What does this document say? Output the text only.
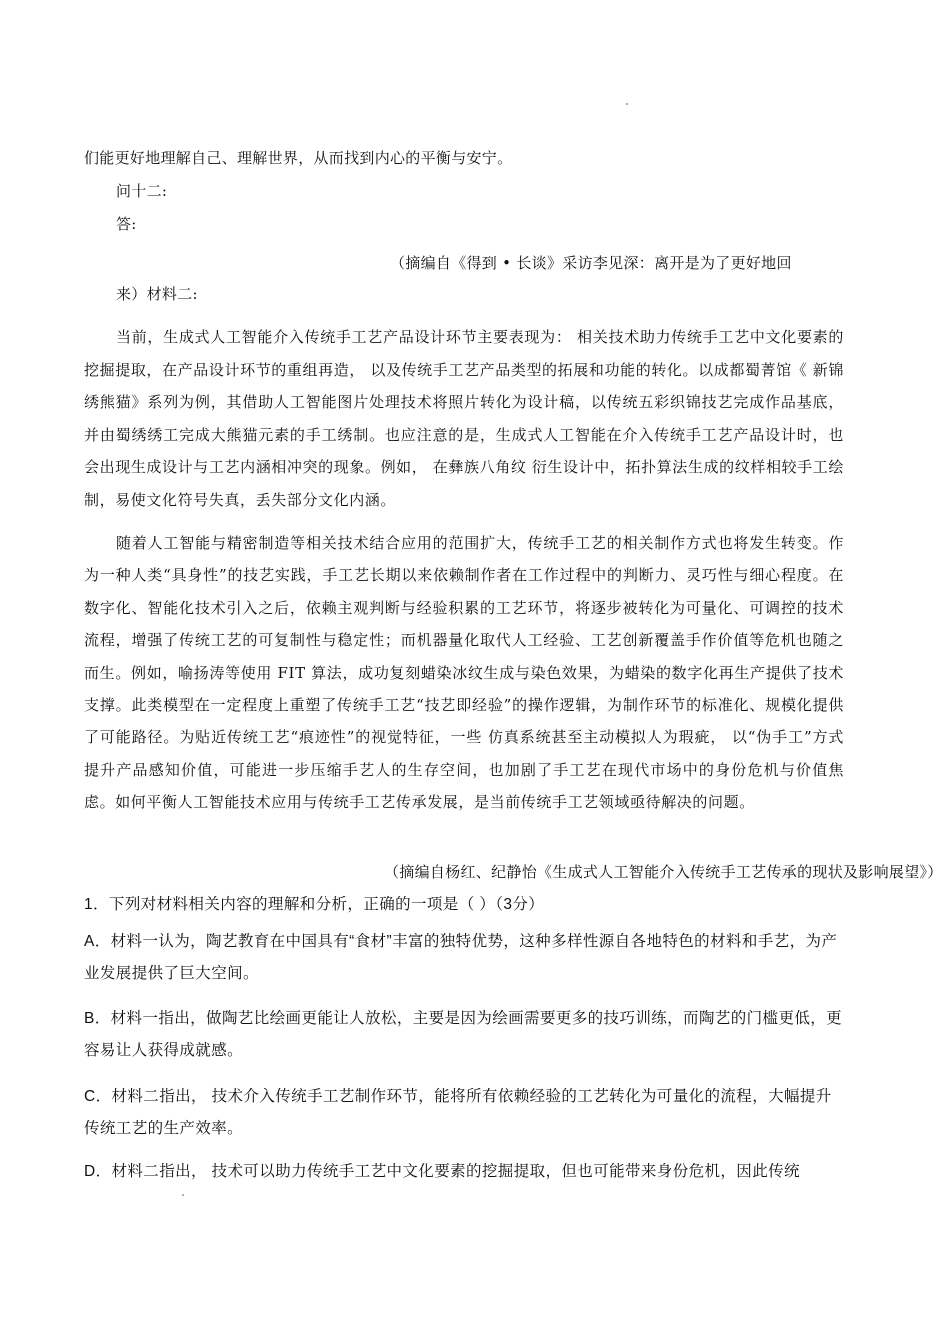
们能更好地理解自己、理解世界，从而找到内心的平衡与安宁。
问十二:
答:
（摘编自《得到 • 长谈》采访李见深：离开是为了更好地回
来）材料二:
当前，生成式人工智能介入传统手工艺产品设计环节主要表现为： 相关技术助力传统手工艺中文化要素的挖掘提取，在产品设计环节的重组再造， 以及传统手工艺产品类型的拓展和功能的转化。以成都蜀菁馆《 新锦绣熊猫》系列为例，其借助人工智能图片处理技术将照片转化为设计稿，以传统五彩织锦技艺完成作品基底，并由蜀绣绣工完成大熊猫元素的手工绣制。也应注意的是，生成式人工智能在介入传统手工艺产品设计时，也会出现生成设计与工艺内涵相冲突的现象。例如， 在彝族八角纹 衍生设计中，拓扑算法生成的纹样相较手工绘制，易使文化符号失真，丢失部分文化内涵。
随着人工智能与精密制造等相关技术结合应用的范围扩大，传统手工艺的相关制作方式也将发生转变。作为一种人类“具身性”的技艺实践，手工艺长期以来依赖制作者在工作过程中的判断力、灵巧性与细心程度。在数字化、智能化技术引入之后，依赖主观判断与经验积累的工艺环节，将逐步被转化为可量化、可调控的技术流程，增强了传统工艺的可复制性与稳定性；而机器量化取代人工经验、工艺创新覆盖手作价值等危机也随之而生。例如，喻扬涛等使用 FIT 算法，成功复刻蜡染冰纹生成与染色效果，为蜡染的数字化再生产提供了技术支撑。此类模型在一定程度上重塑了传统手工艺“技艺即经验”的操作逻辑，为制作环节的标准化、规模化提供了可能路径。为贴近传统工艺“痕迹性”的视觉特征，一些 仿真系统甚至主动模拟人为瑕疵， 以“伪手工”方式提升产品感知价值，可能进一步压缩手艺人的生存空间，也加剧了手工艺在现代市场中的身份危机与价值焦虑。如何平衡人工智能技术应用与传统手工艺传承发展，是当前传统手工艺领域亟待解决的问题。
（摘编自杨红、纪静怡《生成式人工智能介入传统手工艺传承的现状及影响展望》）
1．下列对材料相关内容的理解和分析，正确的一项是（ ）（3分）
A．材料一认为，陶艺教育在中国具有“食材”丰富的独特优势，这种多样性源自各地特色的材料和手艺，为产业发展提供了巨大空间。
B．材料一指出，做陶艺比绘画更能让人放松，主要是因为绘画需要更多的技巧训练，而陶艺的门槛更低，更容易让人获得成就感。
C．材料二指出， 技术介入传统手工艺制作环节，能将所有依赖经验的工艺转化为可量化的流程，大幅提升传统工艺的生产效率。
D．材料二指出， 技术可以助力传统手工艺中文化要素的挖掘提取，但也可能带来身份危机，因此传统
